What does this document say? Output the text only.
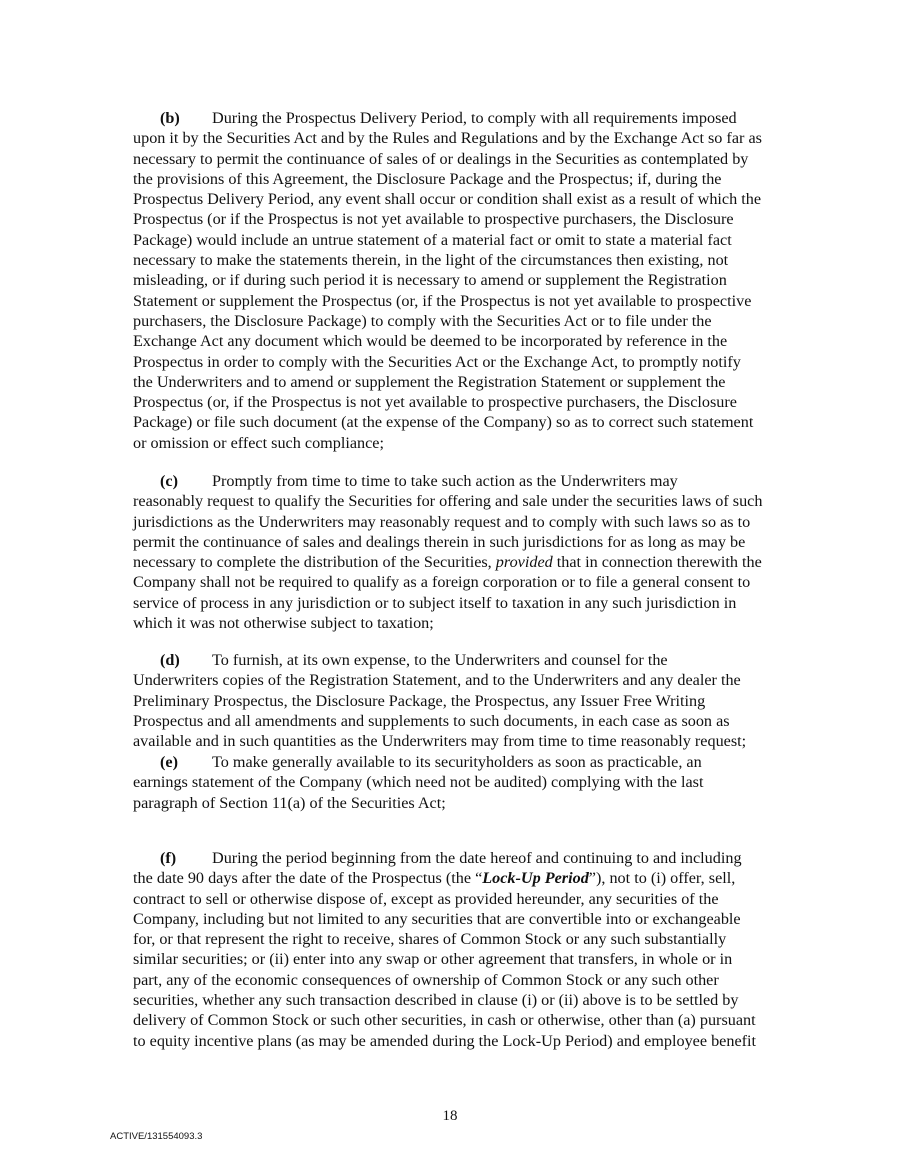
(b) During the Prospectus Delivery Period, to comply with all requirements imposed
upon it by the Securities Act and by the Rules and Regulations and by the Exchange Act so far as
necessary to permit the continuance of sales of or dealings in the Securities as contemplated by
the provisions of this Agreement, the Disclosure Package and the Prospectus; if, during the
Prospectus Delivery Period, any event shall occur or condition shall exist as a result of which the
Prospectus (or if the Prospectus is not yet available to prospective purchasers, the Disclosure
Package) would include an untrue statement of a material fact or omit to state a material fact
necessary to make the statements therein, in the light of the circumstances then existing, not
misleading, or if during such period it is necessary to amend or supplement the Registration
Statement or supplement the Prospectus (or, if the Prospectus is not yet available to prospective
purchasers, the Disclosure Package) to comply with the Securities Act or to file under the
Exchange Act any document which would be deemed to be incorporated by reference in the
Prospectus in order to comply with the Securities Act or the Exchange Act, to promptly notify
the Underwriters and to amend or supplement the Registration Statement or supplement the
Prospectus (or, if the Prospectus is not yet available to prospective purchasers, the Disclosure
Package) or file such document (at the expense of the Company) so as to correct such statement
or omission or effect such compliance;
(c) Promptly from time to time to take such action as the Underwriters may
reasonably request to qualify the Securities for offering and sale under the securities laws of such
jurisdictions as the Underwriters may reasonably request and to comply with such laws so as to
permit the continuance of sales and dealings therein in such jurisdictions for as long as may be
necessary to complete the distribution of the Securities, provided that in connection therewith the
Company shall not be required to qualify as a foreign corporation or to file a general consent to
service of process in any jurisdiction or to subject itself to taxation in any such jurisdiction in
which it was not otherwise subject to taxation;
(d) To furnish, at its own expense, to the Underwriters and counsel for the
Underwriters copies of the Registration Statement, and to the Underwriters and any dealer the
Preliminary Prospectus, the Disclosure Package, the Prospectus, any Issuer Free Writing
Prospectus and all amendments and supplements to such documents, in each case as soon as
available and in such quantities as the Underwriters may from time to time reasonably request;
(e) To make generally available to its securityholders as soon as practicable, an
earnings statement of the Company (which need not be audited) complying with the last
paragraph of Section 11(a) of the Securities Act;
(f) During the period beginning from the date hereof and continuing to and including
the date 90 days after the date of the Prospectus (the “Lock-Up Period”), not to (i) offer, sell,
contract to sell or otherwise dispose of, except as provided hereunder, any securities of the
Company, including but not limited to any securities that are convertible into or exchangeable
for, or that represent the right to receive, shares of Common Stock or any such substantially
similar securities; or (ii) enter into any swap or other agreement that transfers, in whole or in
part, any of the economic consequences of ownership of Common Stock or any such other
securities, whether any such transaction described in clause (i) or (ii) above is to be settled by
delivery of Common Stock or such other securities, in cash or otherwise, other than (a) pursuant
to equity incentive plans (as may be amended during the Lock-Up Period) and employee benefit
18
ACTIVE/131554093.3
